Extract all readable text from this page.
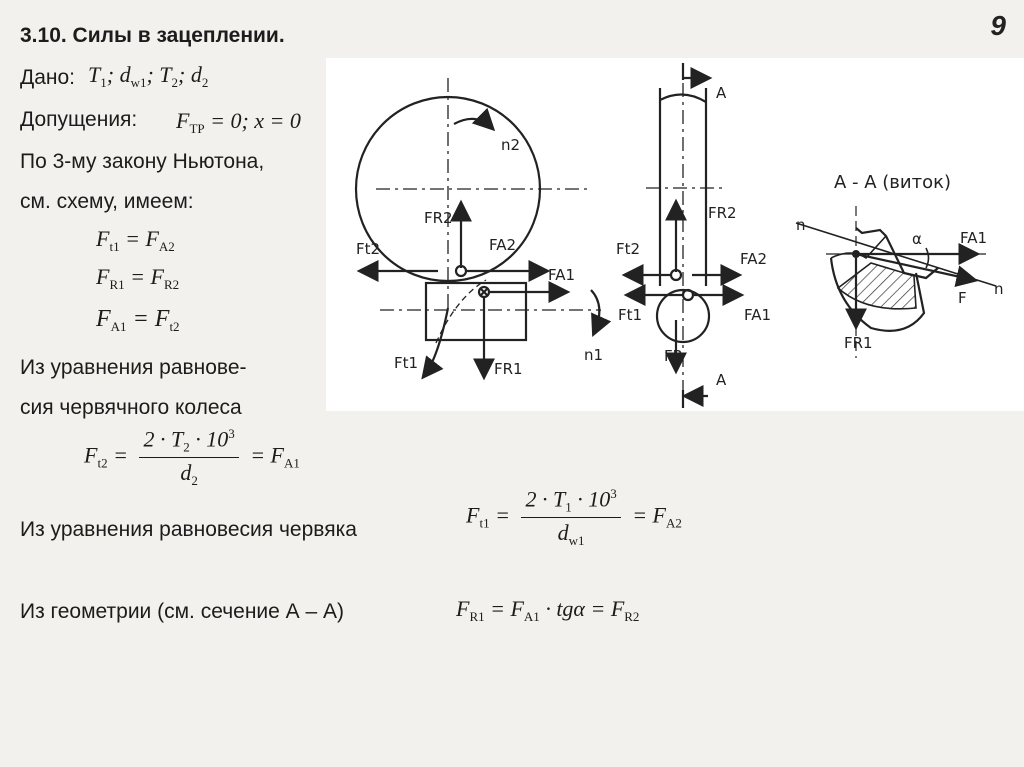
9
3.10. Силы в зацеплении.
Дано: $T_1$; $d_{w1}$; $T_2$; $d_2$
Допущения: $F_{ТР} = 0$; x = 0
По 3-му закону Ньютона,
см. схему, имеем:
$F_{t1} = F_{A2}$
$F_{R1} = F_{R2}$
$F_{A1} = F_{t2}$
Из уравнения равнове-
сия червячного колеса
$F_{t2} = \frac{2 \cdot T_2 \cdot 10^3}{d_2} = F_{A1}$
Из уравнения равновесия червяка
$F_{t1} = \frac{2 \cdot T_1 \cdot 10^3}{d_{w1}} = F_{A2}$
Из геометрии (см. сечение А – А)	$F_{R1} = F_{A1} \cdot tg\alpha = F_{R2}$
n2
FR2
FA2
Ft2
FA1
Ft1	FR1
n1
A
A
Ft2
FR2
FA2
Ft1	FA1
FR
A - A (виток)
n
α	FA1
F n
FR1
